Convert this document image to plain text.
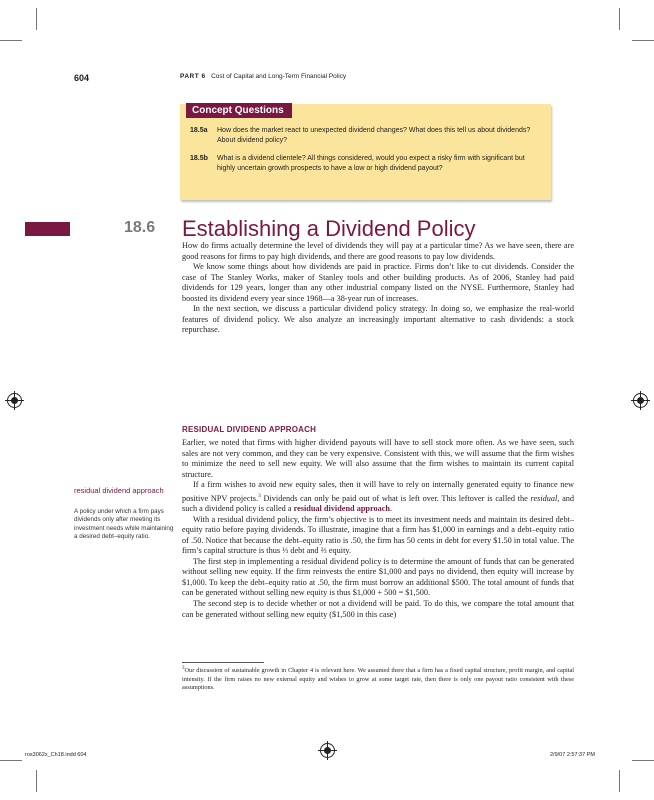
604	PART 6 Cost of Capital and Long-Term Financial Policy
Concept Questions
18.5a How does the market react to unexpected dividend changes? What does this tell us about dividends? About dividend policy?
18.5b What is a dividend clientele? All things considered, would you expect a risky firm with significant but highly uncertain growth prospects to have a low or high dividend payout?
18.6 Establishing a Dividend Policy

How do firms actually determine the level of dividends they will pay at a particular time? As we have seen, there are good reasons for firms to pay high dividends, and there are good reasons to pay low dividends.

We know some things about how dividends are paid in practice. Firms don’t like to cut dividends. Consider the case of The Stanley Works, maker of Stanley tools and other building products. As of 2006, Stanley had paid dividends for 129 years, longer than any other industrial company listed on the NYSE. Furthermore, Stanley had boosted its dividend every year since 1968—a 38-year run of increases.

In the next section, we discuss a particular dividend policy strategy. In doing so, we emphasize the real-world features of dividend policy. We also analyze an increasingly important alternative to cash dividends: a stock repurchase.

RESIDUAL DIVIDEND APPROACH

Earlier, we noted that firms with higher dividend payouts will have to sell stock more often. As we have seen, such sales are not very common, and they can be very expensive. Consistent with this, we will assume that the firm wishes to minimize the need to sell new equity. We will also assume that the firm wishes to maintain its current capital structure.

If a firm wishes to avoid new equity sales, then it will have to rely on internally generated equity to finance new positive NPV projects.$^3$ Dividends can only be paid out of what is left over. This leftover is called the residual, and such a dividend policy is called a residual dividend approach.

With a residual dividend policy, the firm’s objective is to meet its investment needs and maintain its desired debt–equity ratio before paying dividends. To illustrate, imagine that a firm has $1,000 in earnings and a debt–equity ratio of .50. Notice that because the debt–equity ratio is .50, the firm has 50 cents in debt for every $1.50 in total value. The firm’s capital structure is thus ⅓ debt and ⅔ equity.

The first step in implementing a residual dividend policy is to determine the amount of funds that can be generated without selling new equity. If the firm reinvests the entire $1,000 and pays no dividend, then equity will increase by $1,000. To keep the debt–equity ratio at .50, the firm must borrow an additional $500. The total amount of funds that can be generated without selling new equity is thus $1,000 + 500 = $1,500.

The second step is to decide whether or not a dividend will be paid. To do this, we compare the total amount that can be generated without selling new equity ($1,500 in this case)

residual dividend approach
A policy under which a firm pays dividends only after meeting its investment needs while maintaining a desired debt–equity ratio.
$^3$Our discussion of sustainable growth in Chapter 4 is relevant here. We assumed there that a firm has a fixed capital structure, profit margin, and capital intensity. If the firm raises no new external equity and wishes to grow at some target rate, then there is only one payout ratio consistent with these assumptions.
ros3062x_Ch18.indd 604	2/9/07 2:57:37 PM
